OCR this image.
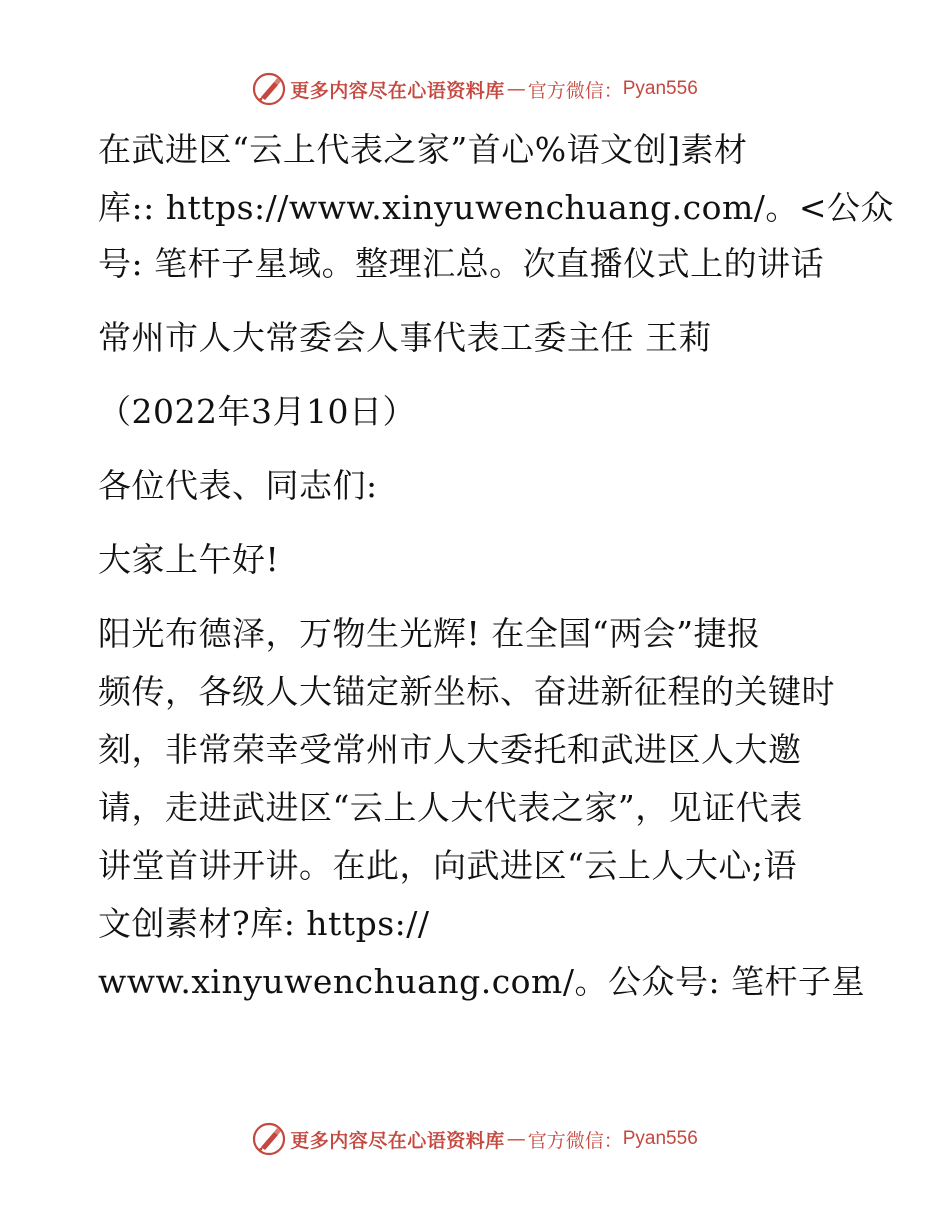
更多内容尽在心语资料库 — 官方微信： Pyan556
在武进区“云上代表之家”首心%语文创]素材
库:: https://www.xinyuwenchuang.com/。<公众
号: 笔杆子星域。整理汇总。次直播仪式上的讲话
常州市人大常委会人事代表工委主任 王莉
（2022年3月10日）
各位代表、同志们:
大家上午好!
阳光布德泽，万物生光辉! 在全国“两会”捷报
频传，各级人大锚定新坐标、奋进新征程的关键时
刻，非常荣幸受常州市人大委托和武进区人大邀
请，走进武进区“云上人大代表之家”，见证代表
讲堂首讲开讲。在此，向武进区“云上人大心;语
文创素材?库: https://
www.xinyuwenchuang.com/。公众号: 笔杆子星
更多内容尽在心语资料库 — 官方微信： Pyan556
